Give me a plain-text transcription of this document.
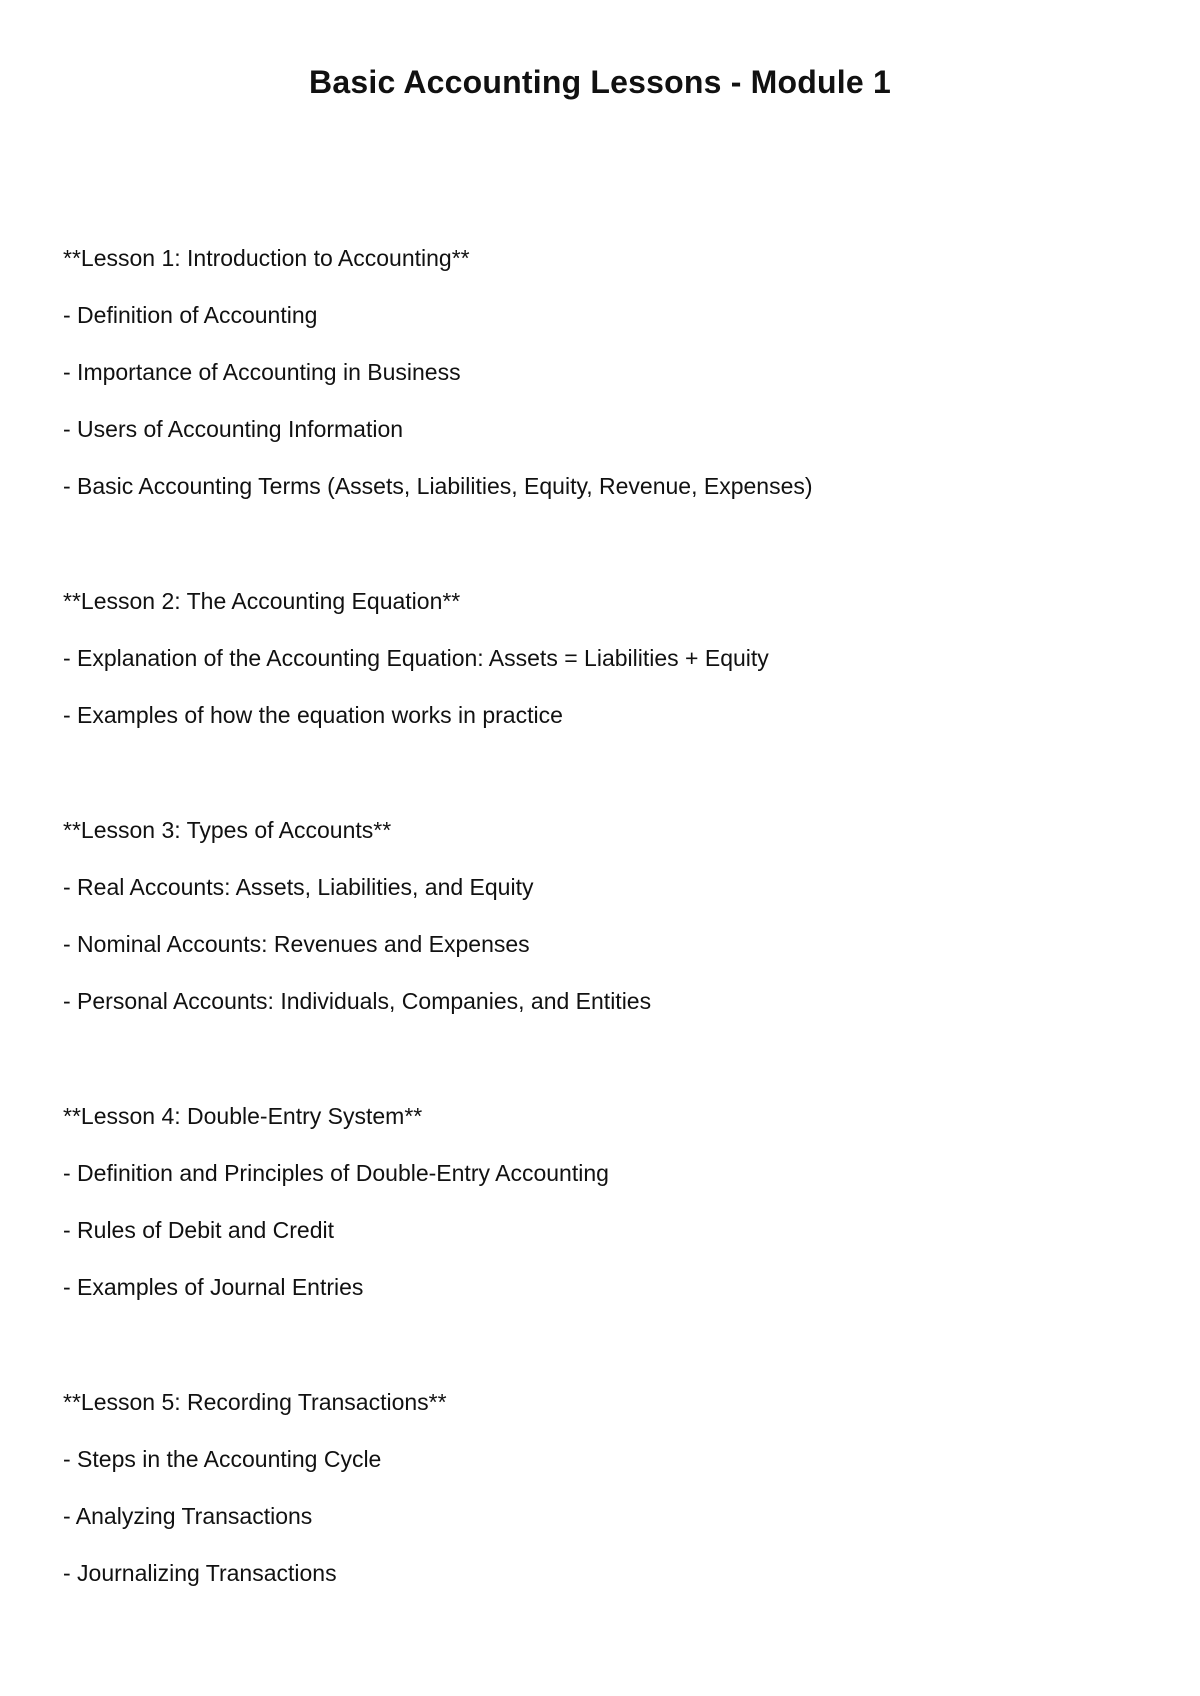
Basic Accounting Lessons - Module 1
**Lesson 1: Introduction to Accounting**
- Definition of Accounting
- Importance of Accounting in Business
- Users of Accounting Information
- Basic Accounting Terms (Assets, Liabilities, Equity, Revenue, Expenses)
**Lesson 2: The Accounting Equation**
- Explanation of the Accounting Equation: Assets = Liabilities + Equity
- Examples of how the equation works in practice
**Lesson 3: Types of Accounts**
- Real Accounts: Assets, Liabilities, and Equity
- Nominal Accounts: Revenues and Expenses
- Personal Accounts: Individuals, Companies, and Entities
**Lesson 4: Double-Entry System**
- Definition and Principles of Double-Entry Accounting
- Rules of Debit and Credit
- Examples of Journal Entries
**Lesson 5: Recording Transactions**
- Steps in the Accounting Cycle
- Analyzing Transactions
- Journalizing Transactions
